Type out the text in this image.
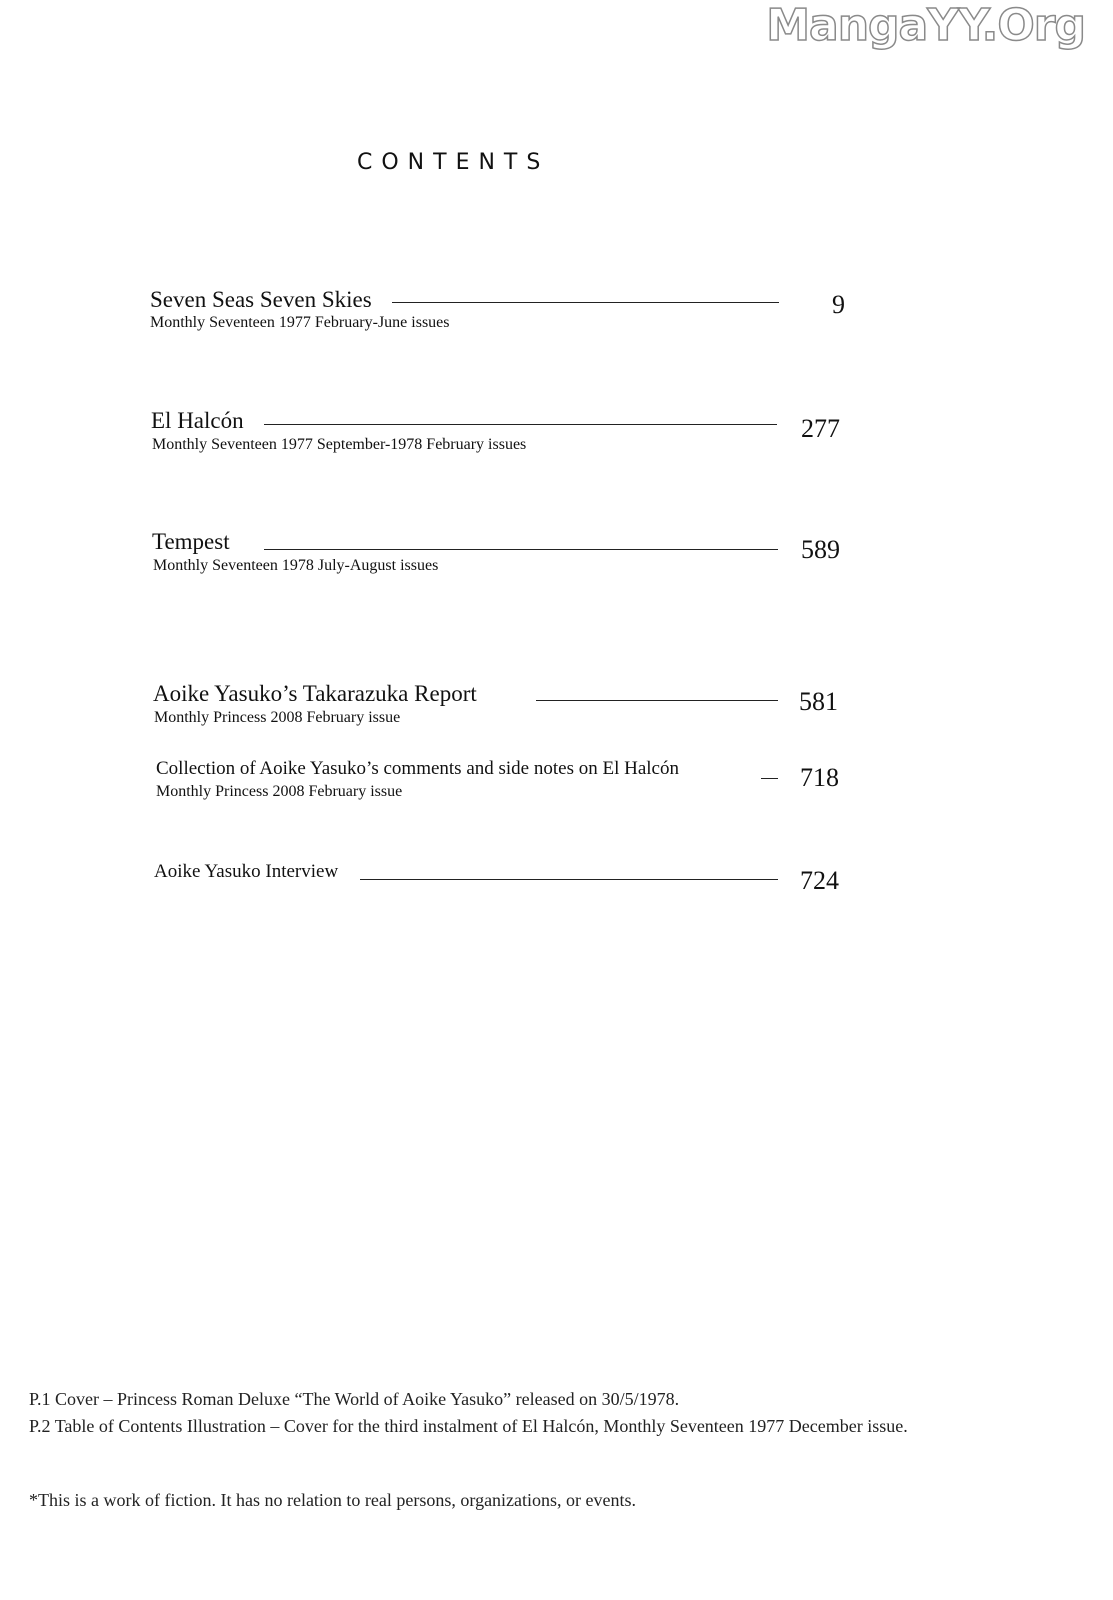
MangaYY.Org
CONTENTS
Seven Seas Seven Skies	9
Monthly Seventeen 1977 February-June issues
El Halcón	277
Monthly Seventeen 1977 September-1978 February issues
Tempest	589
Monthly Seventeen 1978 July-August issues
Aoike Yasuko’s Takarazuka Report	581
Monthly Princess 2008 February issue
Collection of Aoike Yasuko’s comments and side notes on El Halcón	718
Monthly Princess 2008 February issue
Aoike Yasuko Interview	724
P.1 Cover – Princess Roman Deluxe “The World of Aoike Yasuko” released on 30/5/1978.
P.2 Table of Contents Illustration – Cover for the third instalment of El Halcón, Monthly Seventeen 1977 December issue.
*This is a work of fiction. It has no relation to real persons, organizations, or events.
